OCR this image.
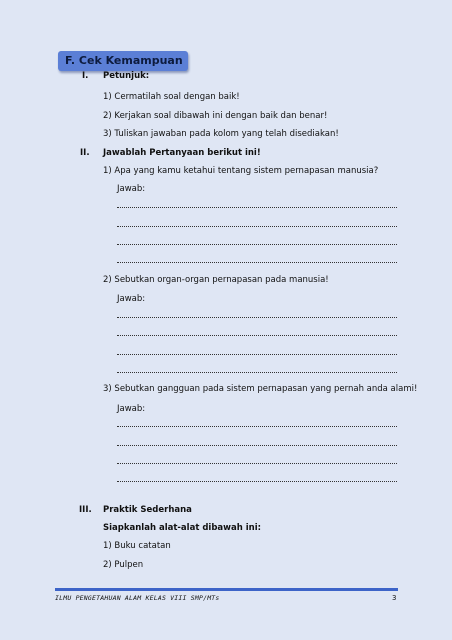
F. Cek Kemampuan
I. Petunjuk:
1) Cermatilah soal dengan baik!
2) Kerjakan soal dibawah ini dengan baik dan benar!
3) Tuliskan jawaban pada kolom yang telah disediakan!
II. Jawablah Pertanyaan berikut ini!
1) Apa yang kamu ketahui tentang sistem pernapasan manusia?
Jawab:
2) Sebutkan organ-organ pernapasan pada manusia!
Jawab:
3) Sebutkan gangguan pada sistem pernapasan yang pernah anda alami!
Jawab:
III. Praktik Sederhana
Siapkanlah alat-alat dibawah ini:
1) Buku catatan
2) Pulpen
ILMU PENGETAHUAN ALAM KELAS VIII SMP/MTs	3
